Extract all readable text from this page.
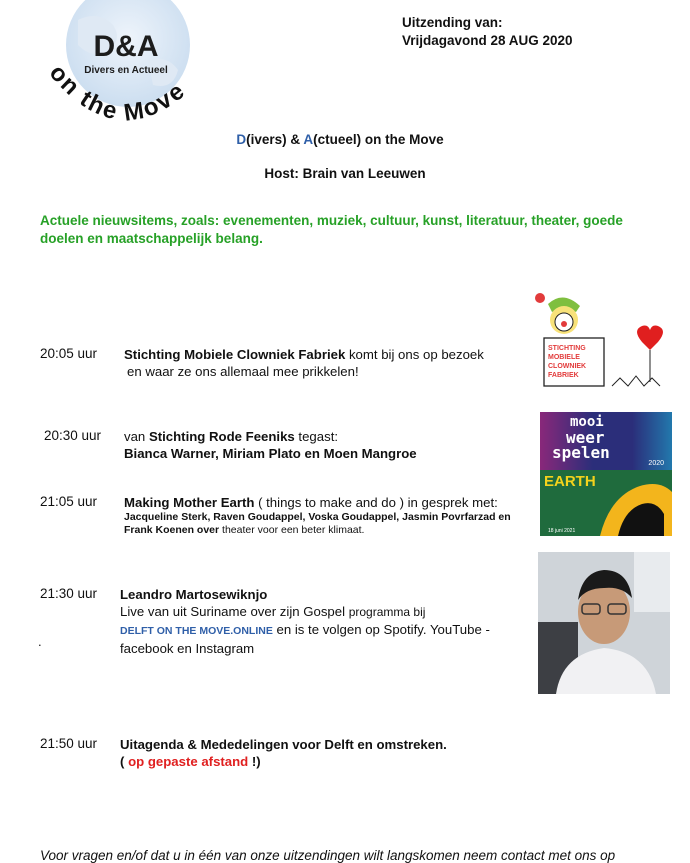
D&A
Divers en Actueel
on the Move
Uitzending van:
Vrijdagavond 28 AUG 2020
D(ivers) & A(ctueel) on the Move
Host: Brain van Leeuwen
Actuele nieuwsitems, zoals: evenementen, muziek, cultuur, kunst, literatuur, theater, goede doelen en maatschappelijk belang.
20:05 uur Stichting Mobiele Clowniek Fabriek komt bij ons op bezoek
en waar ze ons allemaal mee prikkelen!
20:30 uur van Stichting Rode Feeniks tegast:
Bianca Warner, Miriam Plato en Moen Mangroe
21:05 uur Making Mother Earth ( things to make and do ) in gesprek met:
Jacqueline Sterk, Raven Goudappel, Voska Goudappel, Jasmin Povrfarzad en
Frank Koenen over theater voor een beter klimaat.
21:30 uur
.
Leandro Martosewiknjo
Live van uit Suriname over zijn Gospel programma bij
DELFT ON THE MOVE.ONLINE en is te volgen op Spotify. YouTube -
facebook en Instagram
21:50 uur Uitagenda & Mededelingen voor Delft en omstreken.
( op gepaste afstand !)
STICHTING
MOBIELE
CLOWNIEK
FABRIEK
mooi
weer
spelen
2020
EARTH
18 juni 2021
Voor vragen en/of dat u in één van onze uitzendingen wilt langskomen neem contact met ons op
